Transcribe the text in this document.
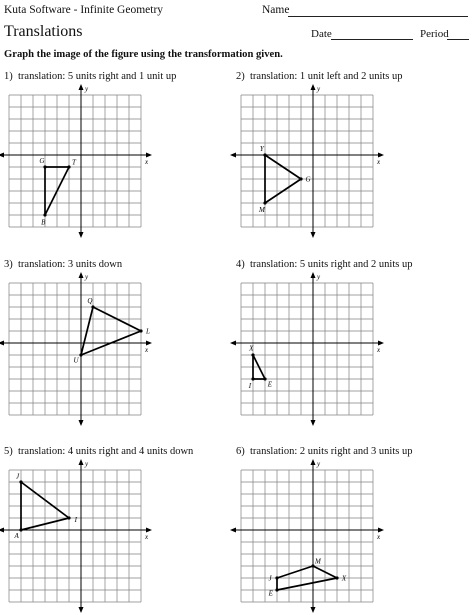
Kuta Software - Infinite Geometry	Name
Translations	Date	Period
Graph the image of the figure using the transformation given.
1) translation: 5 units right and 1 unit up	2) translation: 1 unit left and 2 units up
3) translation: 3 units down	4) translation: 5 units right and 2 units up
5) translation: 4 units right and 4 units down	6) translation: 2 units right and 3 units up
x
y
G	T
B
x
y
Y
G
M
x
y
Q
L
U
x
y
X
E
I
x
y
J
I
A	x
y
M
X
E
J
